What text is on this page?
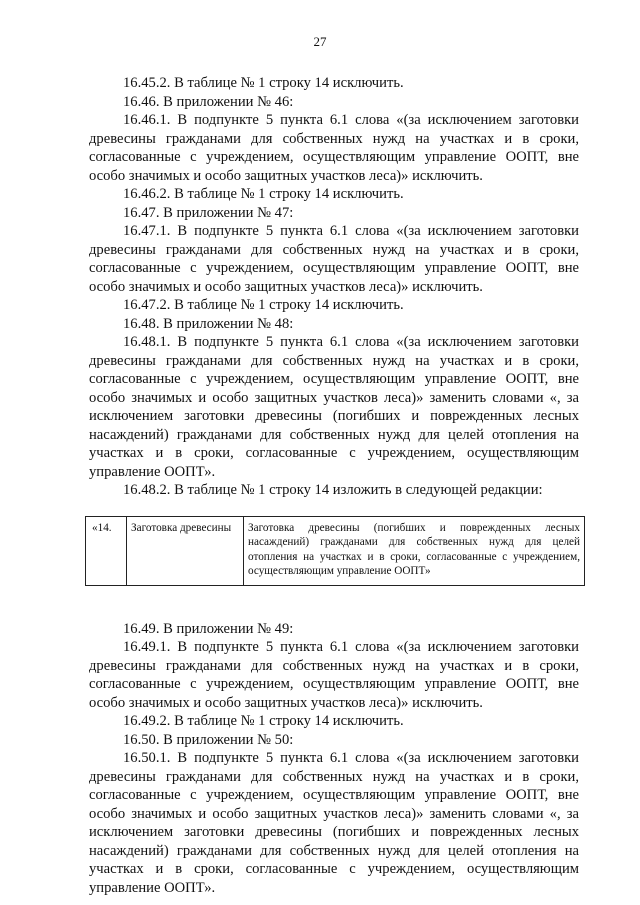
27

16.45.2. В таблице № 1 строку 14 исключить.

16.46. В приложении № 46:

16.46.1. В подпункте 5 пункта 6.1 слова «(за исключением заготовки древесины гражданами для собственных нужд на участках и в сроки, согласованные с учреждением, осуществляющим управление ООПТ, вне особо значимых и особо защитных участков леса)» исключить.

16.46.2. В таблице № 1 строку 14 исключить.

16.47. В приложении № 47:

16.47.1. В подпункте 5 пункта 6.1 слова «(за исключением заготовки древесины гражданами для собственных нужд на участках и в сроки, согласованные с учреждением, осуществляющим управление ООПТ, вне особо значимых и особо защитных участков леса)» исключить.

16.47.2. В таблице № 1 строку 14 исключить.

16.48. В приложении № 48:

16.48.1. В подпункте 5 пункта 6.1 слова «(за исключением заготовки древесины гражданами для собственных нужд на участках и в сроки, согласованные с учреждением, осуществляющим управление ООПТ, вне особо значимых и особо защитных участков леса)» заменить словами «, за исключением заготовки древесины (погибших и поврежденных лесных насаждений) гражданами для собственных нужд для целей отопления на участках и в сроки, согласованные с учреждением, осуществляющим управление ООПТ».

16.48.2. В таблице № 1 строку 14 изложить в следующей редакции:

«14.	Заготовка древесины	Заготовка древесины (погибших и поврежденных лесных насаждений) гражданами для собственных нужд для целей отопления на участках и в сроки, согласованные с учреждением, осуществляющим управление ООПТ»

16.49. В приложении № 49:

16.49.1. В подпункте 5 пункта 6.1 слова «(за исключением заготовки древесины гражданами для собственных нужд на участках и в сроки, согласованные с учреждением, осуществляющим управление ООПТ, вне особо значимых и особо защитных участков леса)» исключить.

16.49.2. В таблице № 1 строку 14 исключить.

16.50. В приложении № 50:

16.50.1. В подпункте 5 пункта 6.1 слова «(за исключением заготовки древесины гражданами для собственных нужд на участках и в сроки, согласованные с учреждением, осуществляющим управление ООПТ, вне особо значимых и особо защитных участков леса)» заменить словами «, за исключением заготовки древесины (погибших и поврежденных лесных насаждений) гражданами для собственных нужд для целей отопления на участках и в сроки, согласованные с учреждением, осуществляющим управление ООПТ».
